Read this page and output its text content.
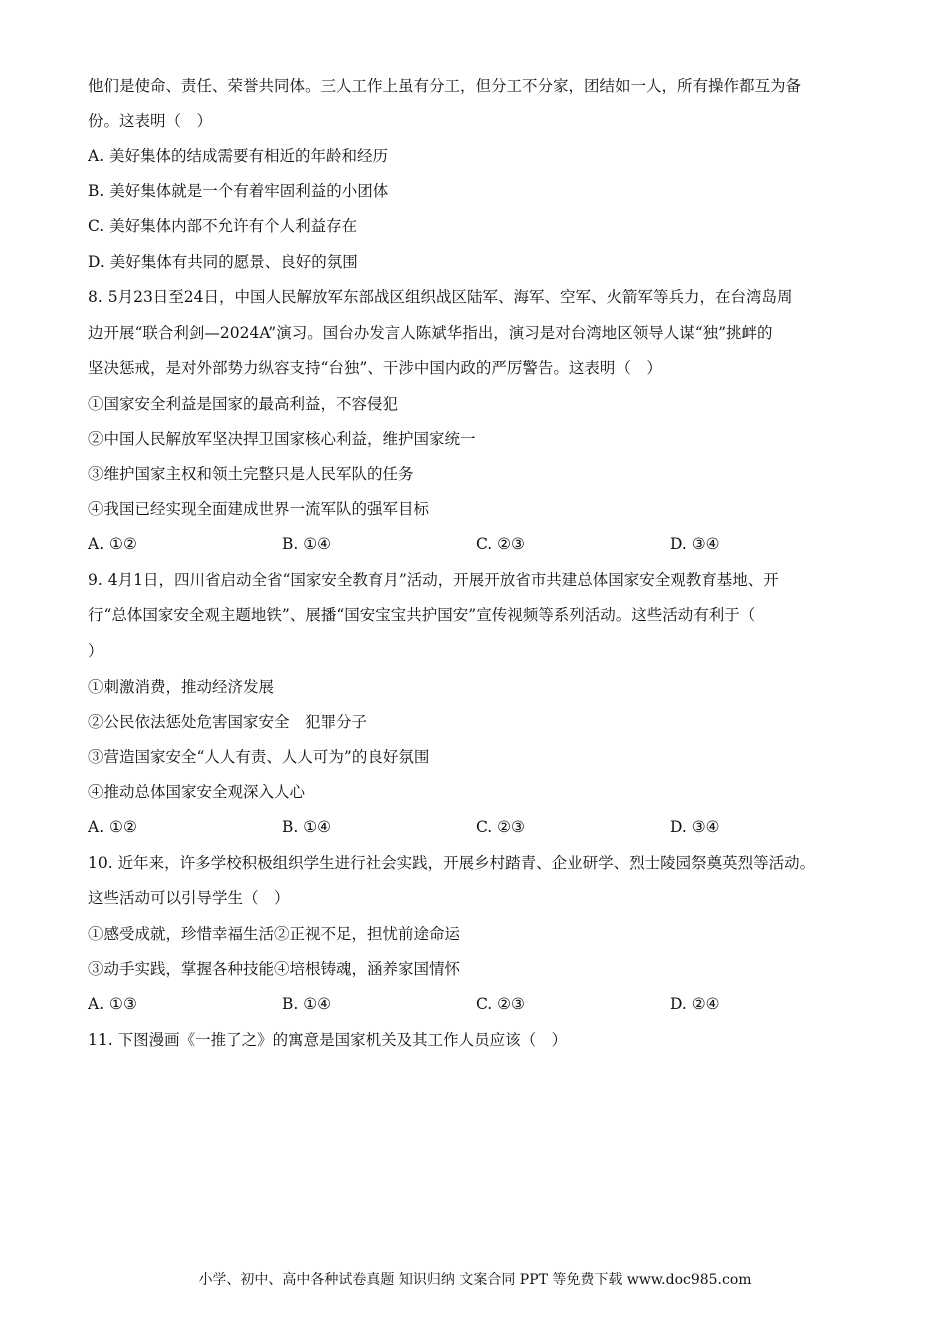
他们是使命、责任、荣誉共同体。三人工作上虽有分工，但分工不分家，团结如一人，所有操作都互为备
份。这表明（　）
A. 美好集体的结成需要有相近的年龄和经历
B. 美好集体就是一个有着牢固利益的小团体
C. 美好集体内部不允许有个人利益存在
D. 美好集体有共同的愿景、良好的氛围
8. 5月23日至24日，中国人民解放军东部战区组织战区陆军、海军、空军、火箭军等兵力，在台湾岛周
边开展“联合利剑—2024A”演习。国台办发言人陈斌华指出，演习是对台湾地区领导人谋“独”挑衅的
坚决惩戒，是对外部势力纵容支持“台独”、干涉中国内政的严厉警告。这表明（　）
①国家安全利益是国家的最高利益，不容侵犯
②中国人民解放军坚决捍卫国家核心利益，维护国家统一
③维护国家主权和领土完整只是人民军队的任务
④我国已经实现全面建成世界一流军队的强军目标
A. ①②	B. ①④	C. ②③	D. ③④
9. 4月1日，四川省启动全省“国家安全教育月”活动，开展开放省市共建总体国家安全观教育基地、开
行“总体国家安全观主题地铁”、展播“国安宝宝共护国安”宣传视频等系列活动。这些活动有利于（
）
①刺激消费，推动经济发展
②公民依法惩处危害国家安全　犯罪分子
③营造国家安全“人人有责、人人可为”的良好氛围
④推动总体国家安全观深入人心
A. ①②	B. ①④	C. ②③	D. ③④
10. 近年来，许多学校积极组织学生进行社会实践，开展乡村踏青、企业研学、烈士陵园祭奠英烈等活动。
这些活动可以引导学生（　）
①感受成就，珍惜幸福生活②正视不足，担忧前途命运
③动手实践，掌握各种技能④培根铸魂，涵养家国情怀
A. ①③	B. ①④	C. ②③	D. ②④
11. 下图漫画《一推了之》的寓意是国家机关及其工作人员应该（　）
小学、初中、高中各种试卷真题 知识归纳 文案合同 PPT 等免费下载 www.doc985.com
